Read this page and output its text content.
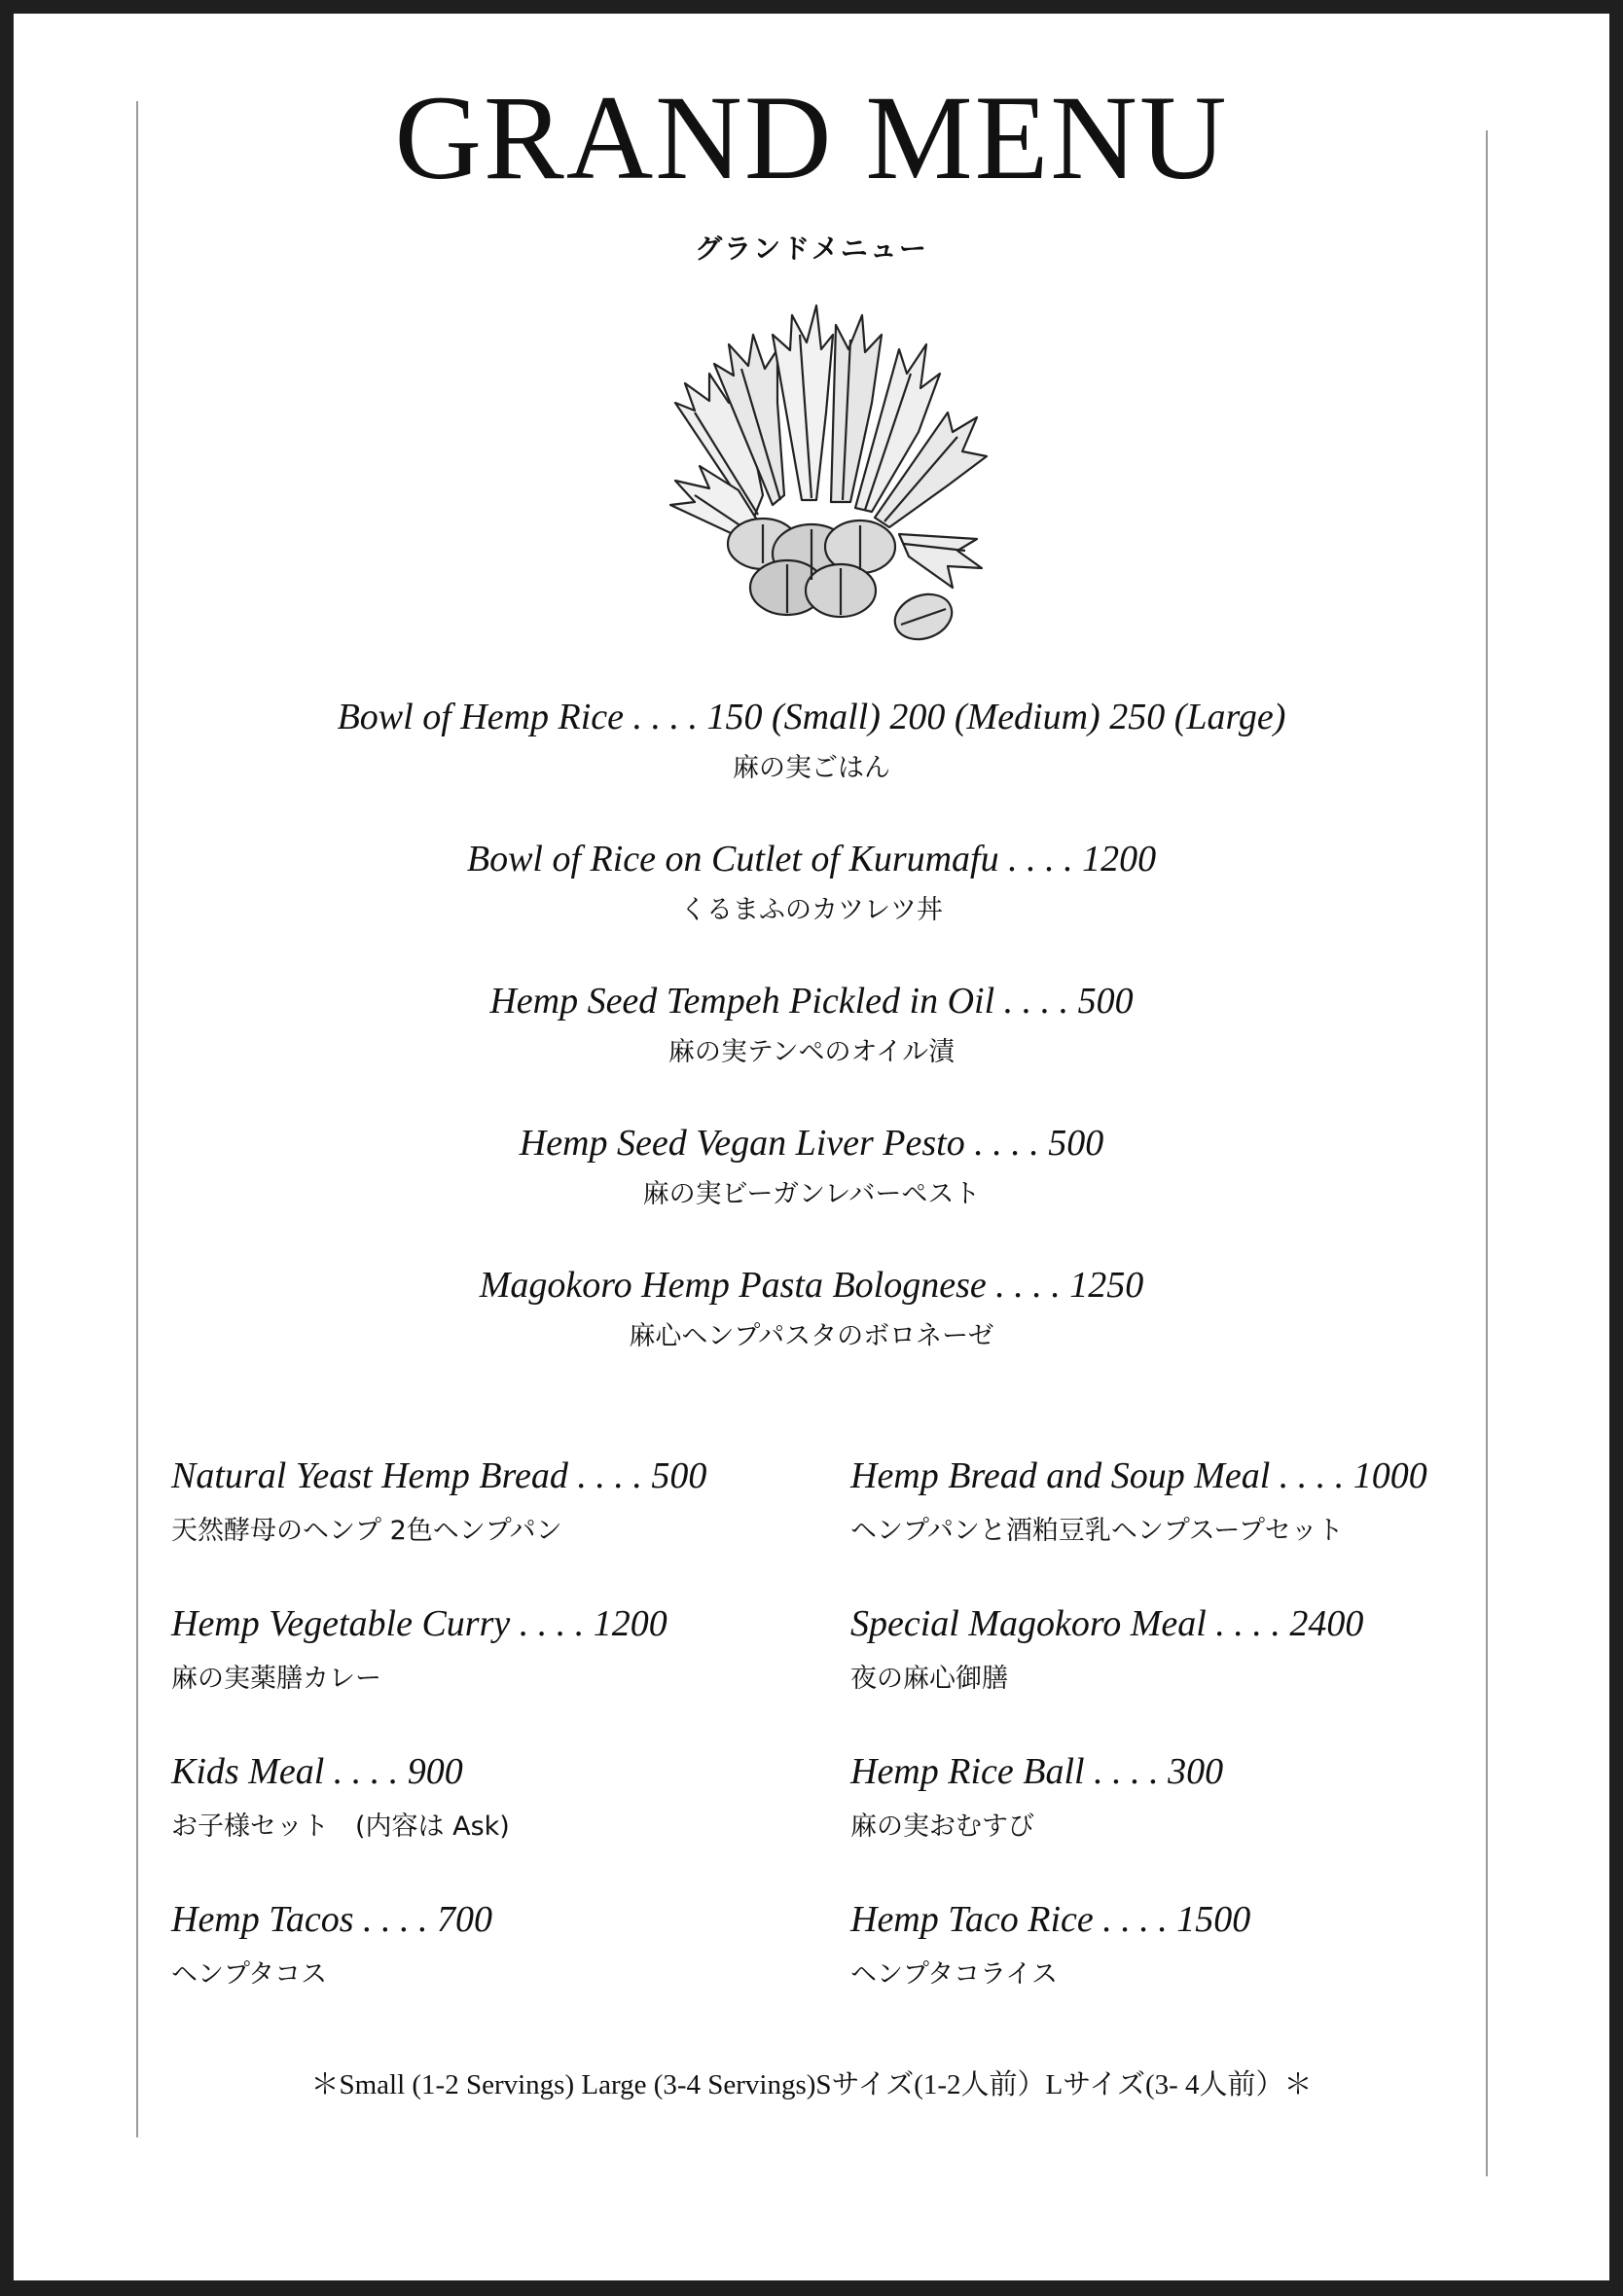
GRAND MENU
グランドメニュー
Bowl of Hemp Rice . . . . 150 (Small) 200 (Medium) 250 (Large)
麻の実ごはん
Bowl of Rice on Cutlet of Kurumafu . . . . 1200
くるまふのカツレツ丼
Hemp Seed Tempeh Pickled in Oil . . . . 500
麻の実テンペのオイル漬
Hemp Seed Vegan Liver Pesto . . . . 500
麻の実ビーガンレバーペスト
Magokoro Hemp Pasta Bolognese . . . . 1250
麻心ヘンプパスタのボロネーゼ
Natural Yeast Hemp Bread . . . . 500
天然酵母のヘンプ 2色ヘンプパン
Hemp Vegetable Curry . . . . 1200
麻の実薬膳カレー
Kids Meal . . . . 900
お子様セット　(内容は Ask)
Hemp Tacos . . . . 700
ヘンプタコス
Hemp Bread and Soup Meal . . . . 1000
ヘンプパンと酒粕豆乳ヘンプスープセット
Special Magokoro Meal . . . . 2400
夜の麻心御膳
Hemp Rice Ball . . . . 300
麻の実おむすび
Hemp Taco Rice . . . . 1500
ヘンプタコライス
＊Small (1-2 Servings) Large (3-4 Servings)Sサイズ(1-2人前）Lサイズ(3- 4人前）＊
